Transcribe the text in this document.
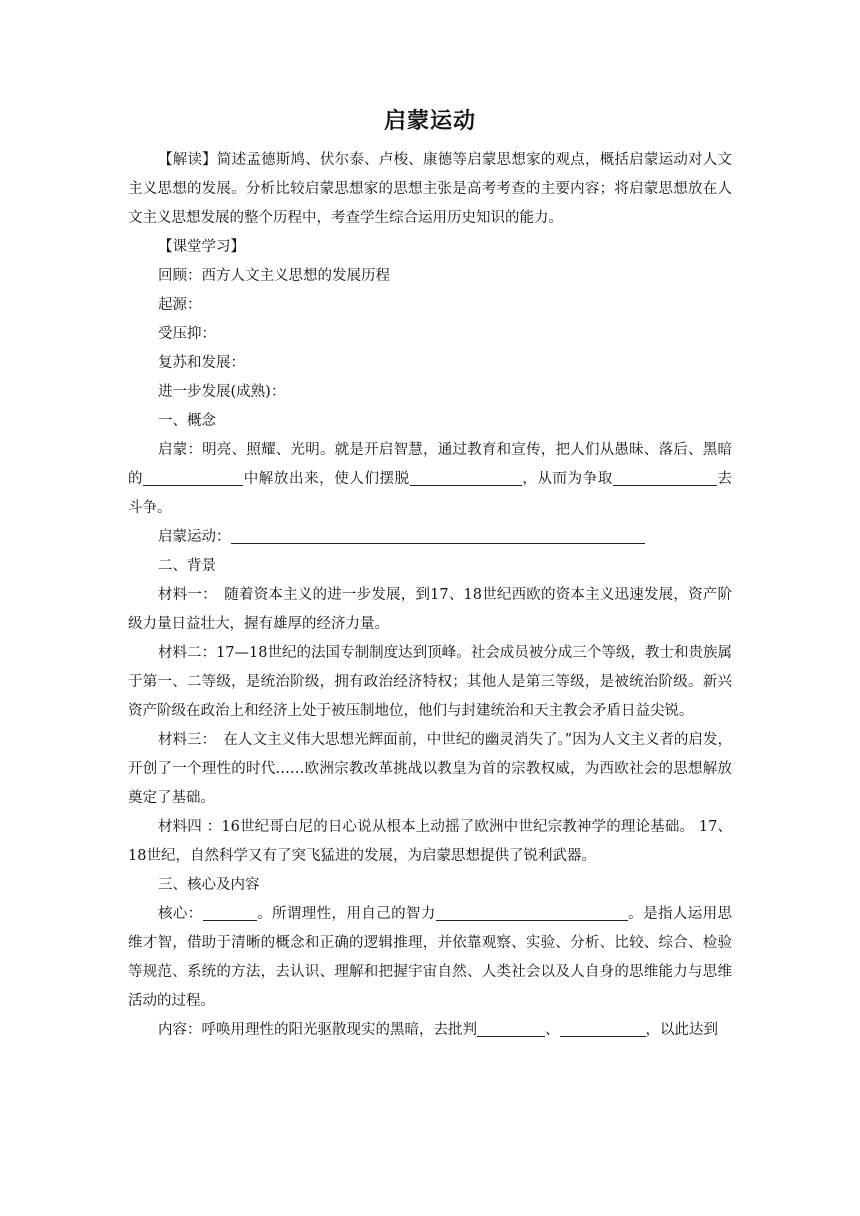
启蒙运动

【解读】简述孟德斯鸠、伏尔泰、卢梭、康德等启蒙思想家的观点，概括启蒙运动对人文主义思想的发展。分析比较启蒙思想家的思想主张是高考考查的主要内容；将启蒙思想放在人文主义思想发展的整个历程中，考查学生综合运用历史知识的能力。

【课堂学习】

回顾：西方人文主义思想的发展历程

起源：

受压抑：

复苏和发展：

进一步发展(成熟)：

一、概念

启蒙：明亮、照耀、光明。就是开启智慧，通过教育和宣传，把人们从愚昧、落后、黑暗的	中解放出来，使人们摆脱	，从而为争取	去斗争。

启蒙运动：

二、背景

材料一：　随着资本主义的进一步发展，到17、18世纪西欧的资本主义迅速发展，资产阶级力量日益壮大，握有雄厚的经济力量。

材料二：17—18世纪的法国专制制度达到顶峰。社会成员被分成三个等级，教士和贵族属于第一、二等级，是统治阶级，拥有政治经济特权；其他人是第三等级，是被统治阶级。新兴资产阶级在政治上和经济上处于被压制地位，他们与封建统治和天主教会矛盾日益尖锐。

材料三：　在人文主义伟大思想光辉面前，中世纪的幽灵消失了。”因为人文主义者的启发，开创了一个理性的时代……欧洲宗教改革挑战以教皇为首的宗教权威，为西欧社会的思想解放奠定了基础。

材料四 ：16世纪哥白尼的日心说从根本上动摇了欧洲中世纪宗教神学的理论基础。 17、18世纪，自然科学又有了突飞猛进的发展，为启蒙思想提供了锐利武器。

三、核心及内容

核心：	。所谓理性，用自己的智力	。是指人运用思维才智，借助于清晰的概念和正确的逻辑推理，并依靠观察、实验、分析、比较、综合、检验等规范、系统的方法，去认识、理解和把握宇宙自然、人类社会以及人自身的思维能力与思维活动的过程。

内容：呼唤用理性的阳光驱散现实的黑暗，去批判	、	，以此达到
